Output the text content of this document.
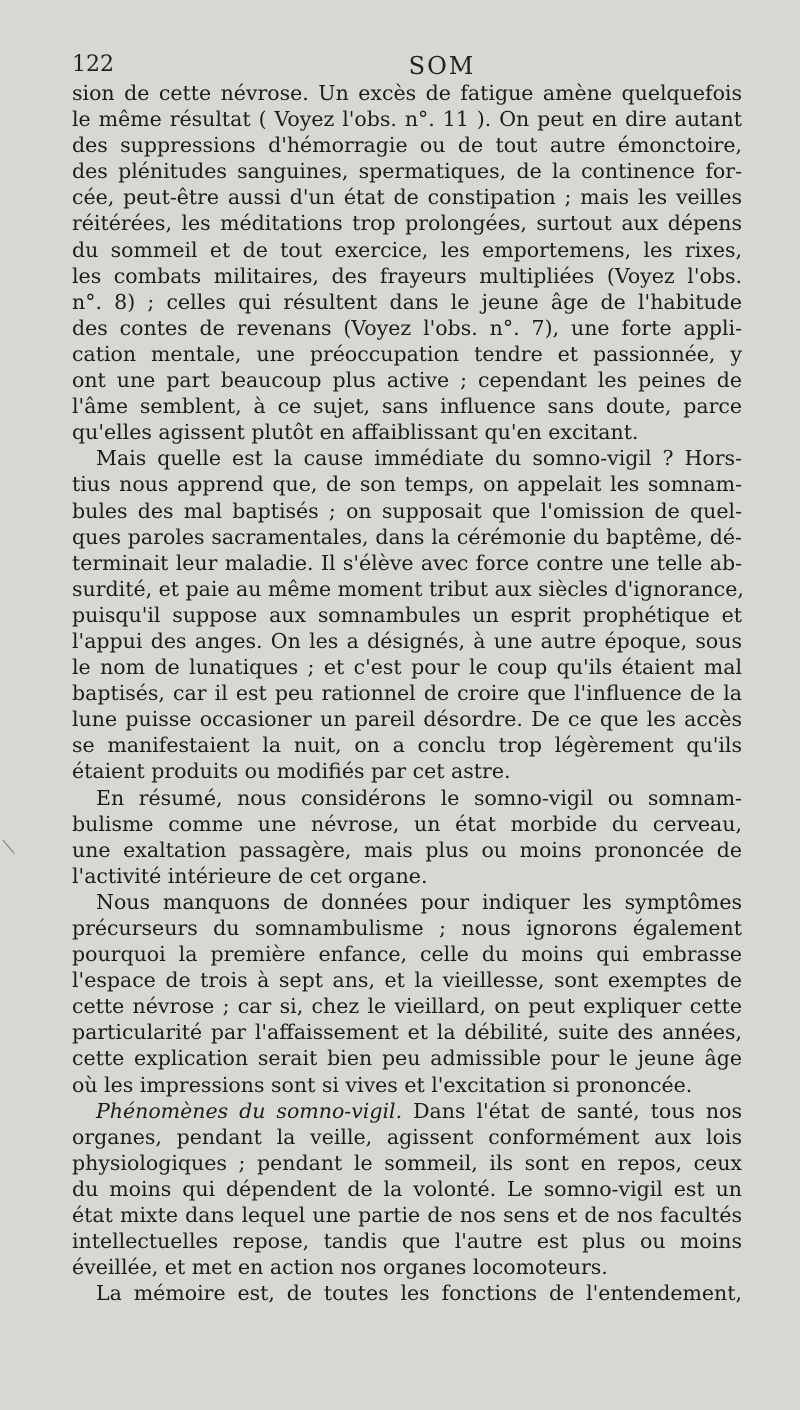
122	SOM
sion de cette névrose. Un excès de fatigue amène quelquefois
le même résultat ( Voyez l'obs. n°. 11 ). On peut en dire autant
des suppressions d'hémorragie ou de tout autre émonctoire,
des plénitudes sanguines, spermatiques, de la continence for-
cée, peut-être aussi d'un état de constipation ; mais les veilles
réitérées, les méditations trop prolongées, surtout aux dépens
du sommeil et de tout exercice, les emportemens, les rixes,
les combats militaires, des frayeurs multipliées (Voyez l'obs.
n°. 8) ; celles qui résultent dans le jeune âge de l'habitude
des contes de revenans (Voyez l'obs. n°. 7), une forte appli-
cation mentale, une préoccupation tendre et passionnée, y
ont une part beaucoup plus active ; cependant les peines de
l'âme semblent, à ce sujet, sans influence sans doute, parce
qu'elles agissent plutôt en affaiblissant qu'en excitant.
Mais quelle est la cause immédiate du somno-vigil ? Hors-
tius nous apprend que, de son temps, on appelait les somnam-
bules des mal baptisés ; on supposait que l'omission de quel-
ques paroles sacramentales, dans la cérémonie du baptême, dé-
terminait leur maladie. Il s'élève avec force contre une telle ab-
surdité, et paie au même moment tribut aux siècles d'ignorance,
puisqu'il suppose aux somnambules un esprit prophétique et
l'appui des anges. On les a désignés, à une autre époque, sous
le nom de lunatiques ; et c'est pour le coup qu'ils étaient mal
baptisés, car il est peu rationnel de croire que l'influence de la
lune puisse occasioner un pareil désordre. De ce que les accès
se manifestaient la nuit, on a conclu trop légèrement qu'ils
étaient produits ou modifiés par cet astre.
En résumé, nous considérons le somno-vigil ou somnam-
bulisme comme une névrose, un état morbide du cerveau,
une exaltation passagère, mais plus ou moins prononcée de
l'activité intérieure de cet organe.
Nous manquons de données pour indiquer les symptômes
précurseurs du somnambulisme ; nous ignorons également
pourquoi la première enfance, celle du moins qui embrasse
l'espace de trois à sept ans, et la vieillesse, sont exemptes de
cette névrose ; car si, chez le vieillard, on peut expliquer cette
particularité par l'affaissement et la débilité, suite des années,
cette explication serait bien peu admissible pour le jeune âge
où les impressions sont si vives et l'excitation si prononcée.
Phénomènes du somno-vigil. Dans l'état de santé, tous nos
organes, pendant la veille, agissent conformément aux lois
physiologiques ; pendant le sommeil, ils sont en repos, ceux
du moins qui dépendent de la volonté. Le somno-vigil est un
état mixte dans lequel une partie de nos sens et de nos facultés
intellectuelles repose, tandis que l'autre est plus ou moins
éveillée, et met en action nos organes locomoteurs.
La mémoire est, de toutes les fonctions de l'entendement,
